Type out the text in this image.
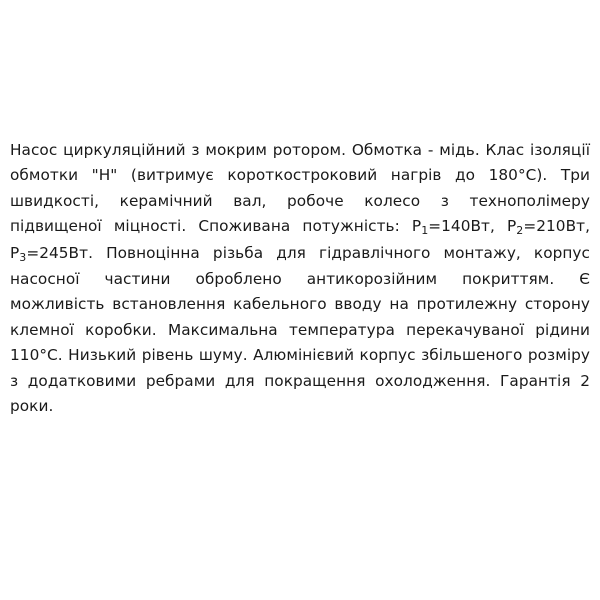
Насос циркуляційний з мокрим ротором. Обмотка - мідь. Клас ізоляції обмотки "H" (витримує короткостроковий нагрів до 180°C). Три швидкості, керамічний вал, робоче колесо з технополімеру підвищеної міцності. Споживана потужність: $P_1=140Вт$, $P_2=210Вт$, $P_3=245Вт$. Повноцінна різьба для гідравлічного монтажу, корпус насосної частини оброблено антикорозійним покриттям. Є можливість встановлення кабельного вводу на протилежну сторону клемної коробки. Максимальна температура перекачуваної рідини 110°C. Низький рівень шуму. Алюмінієвий корпус збільшеного розміру з додатковими ребрами для покращення охолодження. Гарантія 2 роки.
